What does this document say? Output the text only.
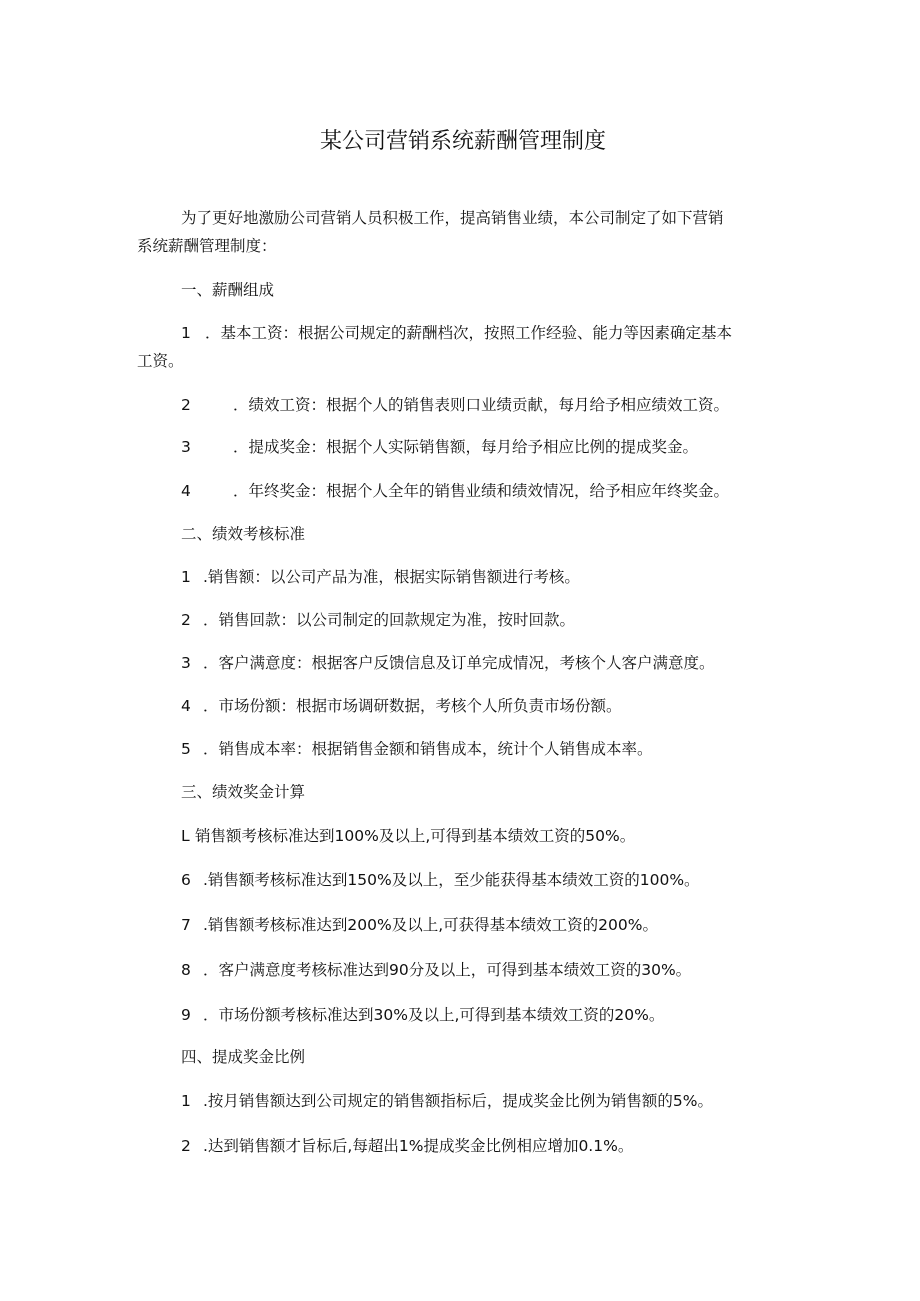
某公司营销系统薪酬管理制度
为了更好地激励公司营销人员积极工作，提高销售业绩，本公司制定了如下营销
系统薪酬管理制度：
一、薪酬组成
1 ．基本工资：根据公司规定的薪酬档次，按照工作经验、能力等因素确定基本
工资。
2	．绩效工资：根据个人的销售表则口业绩贡献，每月给予相应绩效工资。
3	．提成奖金：根据个人实际销售额，每月给予相应比例的提成奖金。
4	．年终奖金：根据个人全年的销售业绩和绩效情况，给予相应年终奖金。
二、绩效考核标准
1 .销售额：以公司产品为准，根据实际销售额进行考核。
2 ．销售回款：以公司制定的回款规定为准，按时回款。
3 ．客户满意度：根据客户反馈信息及订单完成情况，考核个人客户满意度。
4 ．市场份额：根据市场调研数据，考核个人所负责市场份额。
5 ．销售成本率：根据销售金额和销售成本，统计个人销售成本率。
三、绩效奖金计算
L 销售额考核标准达到100%及以上,可得到基本绩效工资的50%。
6 .销售额考核标准达到150%及以上，至少能获得基本绩效工资的100%。
7 .销售额考核标准达到200%及以上,可获得基本绩效工资的200%。
8 ．客户满意度考核标准达到90分及以上，可得到基本绩效工资的30%。
9 ．市场份额考核标准达到30%及以上,可得到基本绩效工资的20%。
四、提成奖金比例
1 .按月销售额达到公司规定的销售额指标后，提成奖金比例为销售额的5%。
2 .达到销售额才旨标后,每超出1%提成奖金比例相应增加0.1%。
